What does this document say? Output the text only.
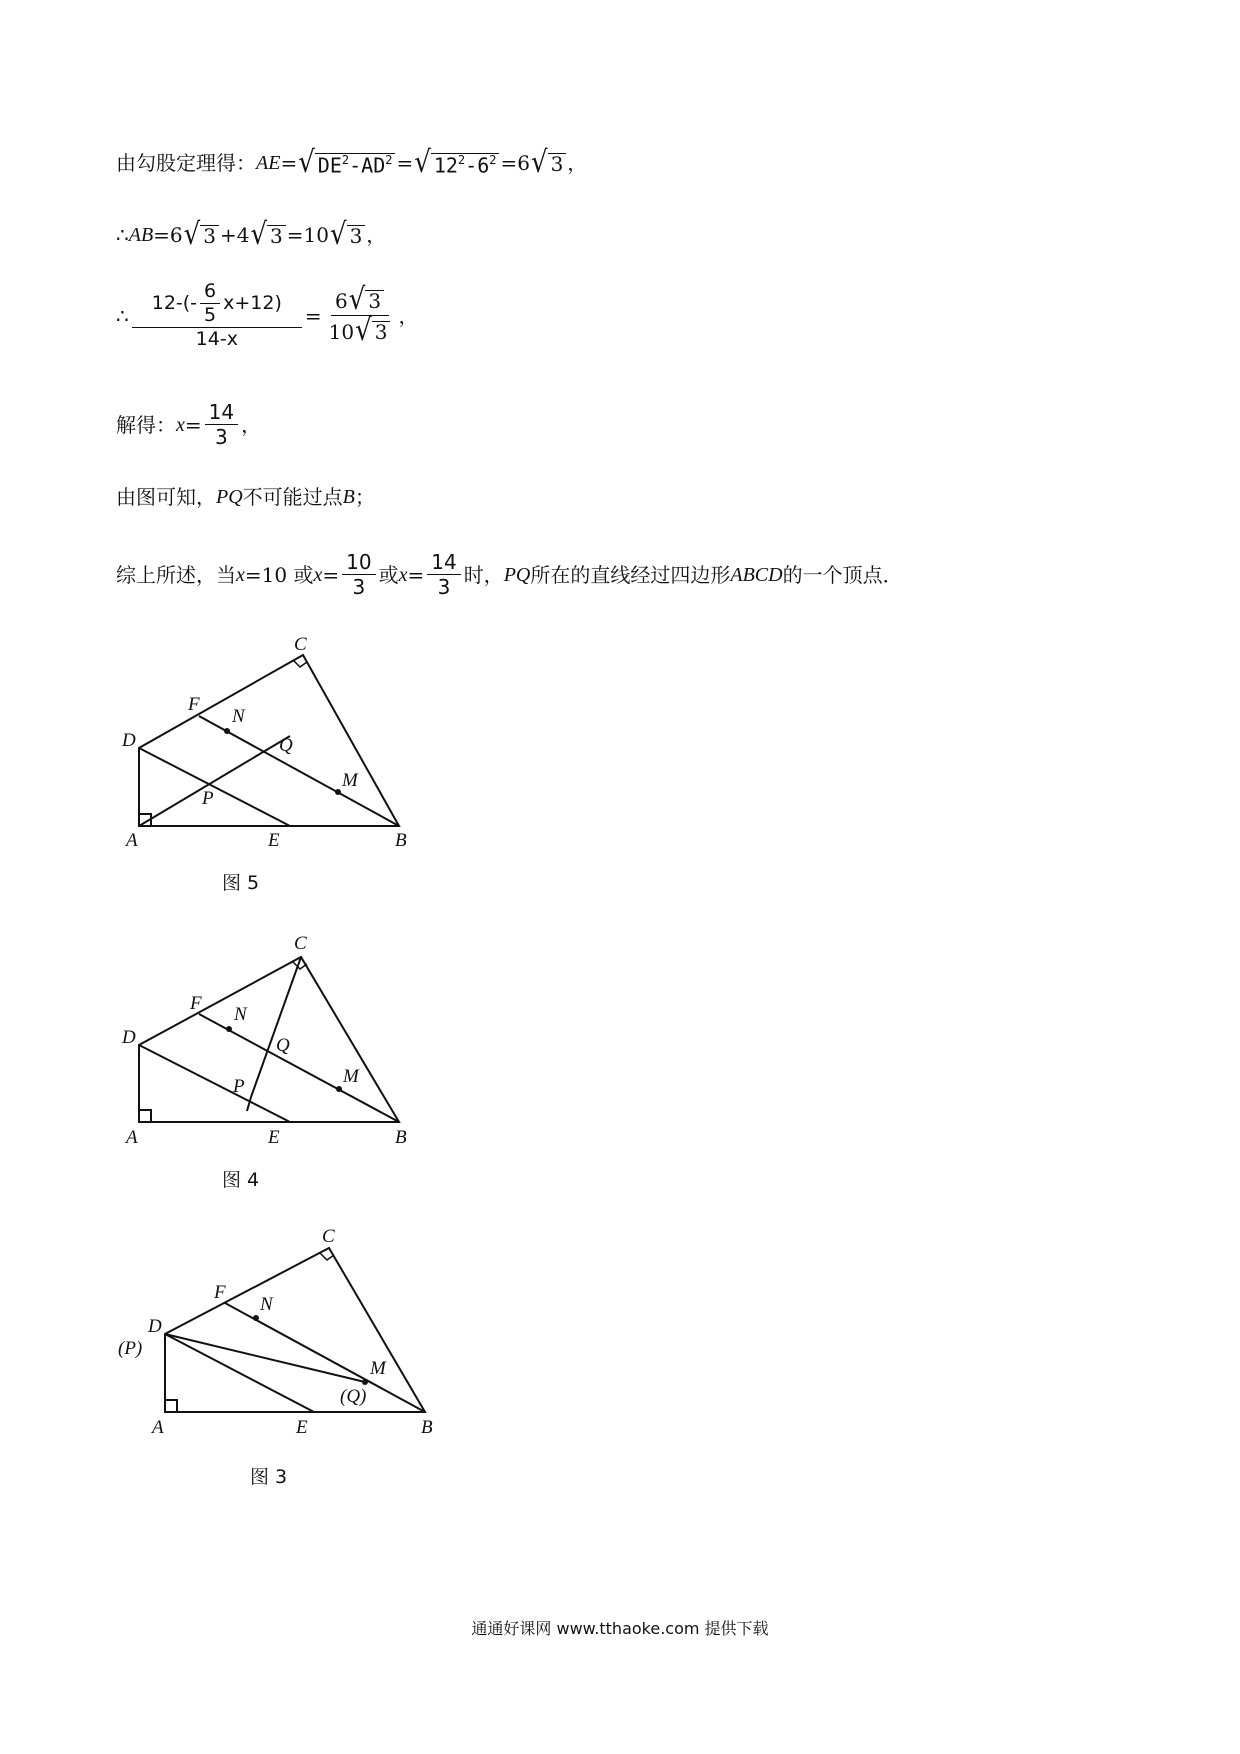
由勾股定理得： AE = √ $DE^2-AD^2$ = √ $12^2-6^2 = 6$ √ 3 ，
∴ AB =6 √ 3 +4 √ 3 =10 √ 3 ，
∴ $\frac{12-(- \frac{6}{5} x+12)}{14-x} = \frac{6 √ 3}{10 √ 3}$ ，
解得： $x = \frac{14}{3}$ ，
由图可知， PQ 不可能过点 B ；
综上所述，当 x =10 或 $x = \frac{10}{3}$ 或 $x = \frac{14}{3}$ 时， PQ 所在的直线经过四边形 ABCD 的一个顶点．
C
F
N
D	Q
M
P
A	E	B
图 5
C
F
N
D	Q
M
P
A	E	B
图 4
C
F
N
D
(P)
M
(Q)
A	E	B
图 3
通通好课网 www.tthaoke.com 提供下载
